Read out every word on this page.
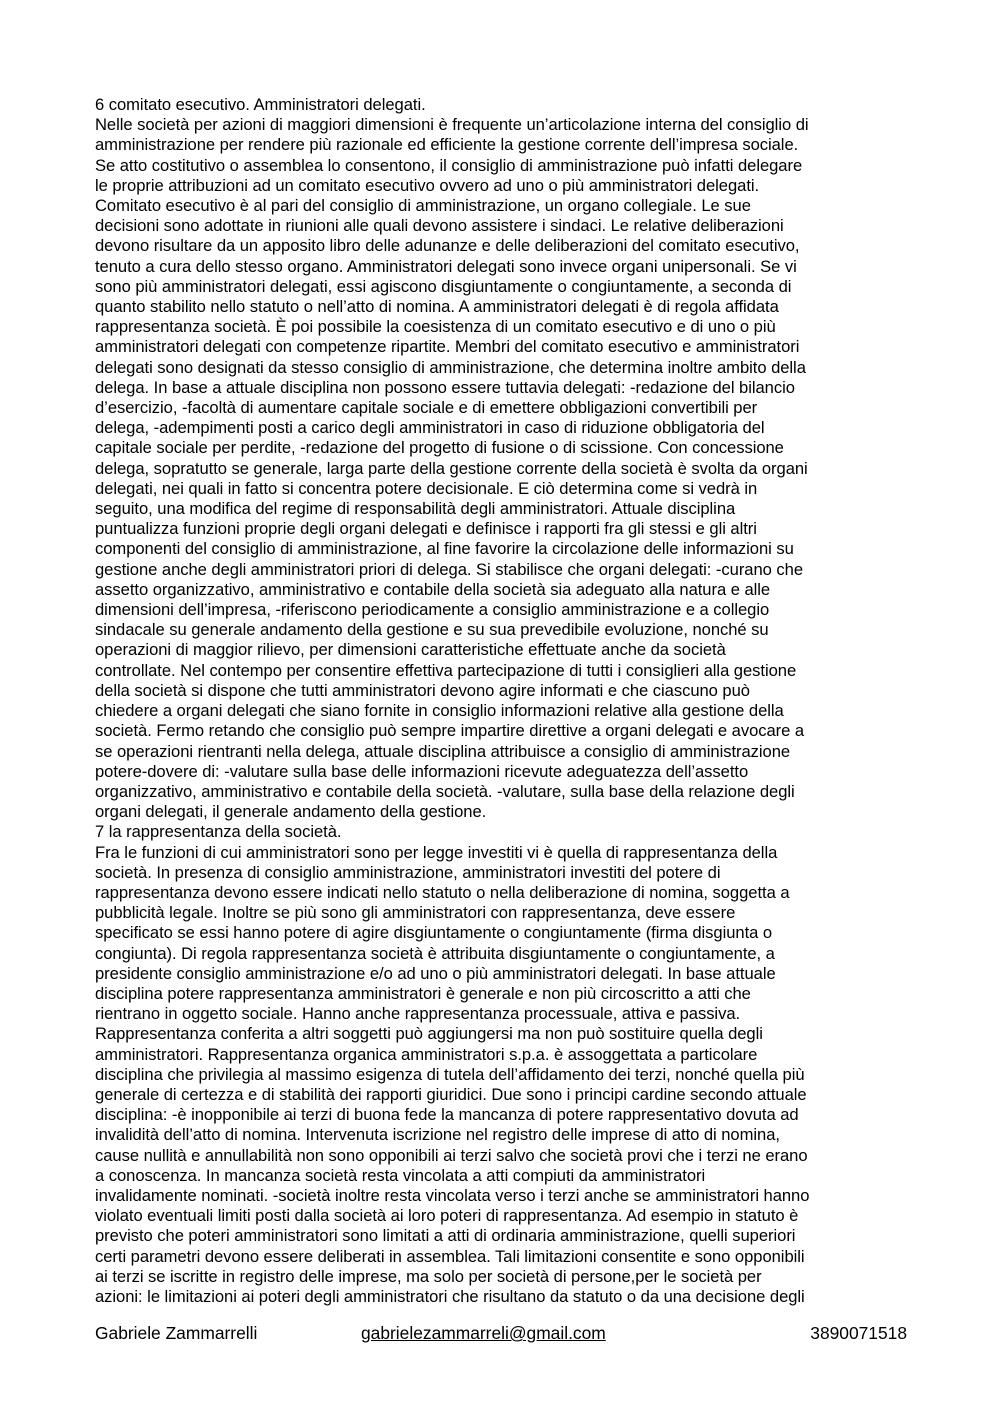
6 comitato esecutivo. Amministratori delegati.
Nelle società per azioni di maggiori dimensioni è frequente un’articolazione interna del consiglio di
amministrazione per rendere più razionale ed efficiente la gestione corrente dell’impresa sociale.
Se atto costitutivo o assemblea lo consentono, il consiglio di amministrazione può infatti delegare
le proprie attribuzioni ad un comitato esecutivo ovvero ad uno o più amministratori delegati.
Comitato esecutivo è al pari del consiglio di amministrazione, un organo collegiale. Le sue
decisioni sono adottate in riunioni alle quali devono assistere i sindaci. Le relative deliberazioni
devono risultare da un apposito libro delle adunanze e delle deliberazioni del comitato esecutivo,
tenuto a cura dello stesso organo. Amministratori delegati sono invece organi unipersonali. Se vi
sono più amministratori delegati, essi agiscono disgiuntamente o congiuntamente, a seconda di
quanto stabilito nello statuto o nell’atto di nomina. A amministratori delegati è di regola affidata
rappresentanza società. È poi possibile la coesistenza di un comitato esecutivo e di uno o più
amministratori delegati con competenze ripartite. Membri del comitato esecutivo e amministratori
delegati sono designati da stesso consiglio di amministrazione, che determina inoltre ambito della
delega. In base a attuale disciplina non possono essere tuttavia delegati: -redazione del bilancio
d’esercizio, -facoltà di aumentare capitale sociale e di emettere obbligazioni convertibili per
delega, -adempimenti posti a carico degli amministratori in caso di riduzione obbligatoria del
capitale sociale per perdite, -redazione del progetto di fusione o di scissione. Con concessione
delega, sopratutto se generale, larga parte della gestione corrente della società è svolta da organi
delegati, nei quali in fatto si concentra potere decisionale. E ciò determina come si vedrà in
seguito, una modifica del regime di responsabilità degli amministratori. Attuale disciplina
puntualizza funzioni proprie degli organi delegati e definisce i rapporti fra gli stessi e gli altri
componenti del consiglio di amministrazione, al fine favorire la circolazione delle informazioni su
gestione anche degli amministratori priori di delega. Si stabilisce che organi delegati: -curano che
assetto organizzativo, amministrativo e contabile della società sia adeguato alla natura e alle
dimensioni dell’impresa, -riferiscono periodicamente a consiglio amministrazione e a collegio
sindacale su generale andamento della gestione e su sua prevedibile evoluzione, nonché su
operazioni di maggior rilievo, per dimensioni caratteristiche effettuate anche da società
controllate. Nel contempo per consentire effettiva partecipazione di tutti i consiglieri alla gestione
della società si dispone che tutti amministratori devono agire informati e che ciascuno può
chiedere a organi delegati che siano fornite in consiglio informazioni relative alla gestione della
società. Fermo retando che consiglio può sempre impartire direttive a organi delegati e avocare a
se operazioni rientranti nella delega, attuale disciplina attribuisce a consiglio di amministrazione
potere-dovere di: -valutare sulla base delle informazioni ricevute adeguatezza dell’assetto
organizzativo, amministrativo e contabile della società. -valutare, sulla base della relazione degli
organi delegati, il generale andamento della gestione.
7 la rappresentanza della società.
Fra le funzioni di cui amministratori sono per legge investiti vi è quella di rappresentanza della
società. In presenza di consiglio amministrazione, amministratori investiti del potere di
rappresentanza devono essere indicati nello statuto o nella deliberazione di nomina, soggetta a
pubblicità legale. Inoltre se più sono gli amministratori con rappresentanza, deve essere
specificato se essi hanno potere di agire disgiuntamente o congiuntamente (firma disgiunta o
congiunta). Di regola rappresentanza società è attribuita disgiuntamente o congiuntamente, a
presidente consiglio amministrazione e/o ad uno o più amministratori delegati. In base attuale
disciplina potere rappresentanza amministratori è generale e non più circoscritto a atti che
rientrano in oggetto sociale. Hanno anche rappresentanza processuale, attiva e passiva.
Rappresentanza conferita a altri soggetti può aggiungersi ma non può sostituire quella degli
amministratori. Rappresentanza organica amministratori s.p.a. è assoggettata a particolare
disciplina che privilegia al massimo esigenza di tutela dell’affidamento dei terzi, nonché quella più
generale di certezza e di stabilità dei rapporti giuridici. Due sono i principi cardine secondo attuale
disciplina: -è inopponibile ai terzi di buona fede la mancanza di potere rappresentativo dovuta ad
invalidità dell’atto di nomina. Intervenuta iscrizione nel registro delle imprese di atto di nomina,
cause nullità e annullabilità non sono opponibili ai terzi salvo che società provi che i terzi ne erano
a conoscenza. In mancanza società resta vincolata a atti compiuti da amministratori
invalidamente nominati. -società inoltre resta vincolata verso i terzi anche se amministratori hanno
violato eventuali limiti posti dalla società ai loro poteri di rappresentanza. Ad esempio in statuto è
previsto che poteri amministratori sono limitati a atti di ordinaria amministrazione, quelli superiori
certi parametri devono essere deliberati in assemblea. Tali limitazioni consentite e sono opponibili
ai terzi se iscritte in registro delle imprese, ma solo per società di persone,per le società per
azioni: le limitazioni ai poteri degli amministratori che risultano da statuto o da una decisione degli
Gabriele Zammarrelli	gabrielezammarreli@gmail.com	3890071518
